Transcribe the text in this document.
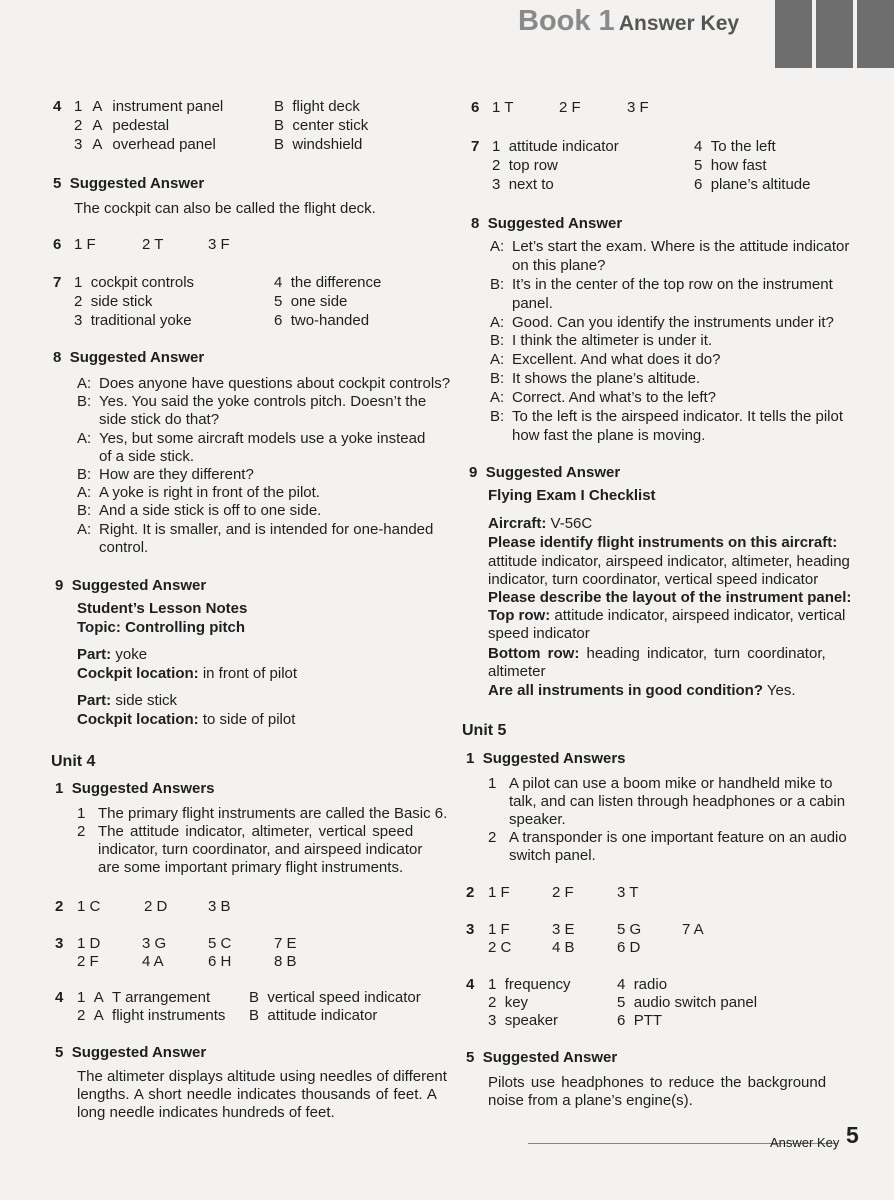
Book 1 Answer Key
4 1 A instrument panel	B flight deck
2 A pedestal	B center stick
3 A overhead panel	B windshield
5 Suggested Answer
The cockpit can also be called the flight deck.
6 1 F	2 T	3 F
7 1 cockpit controls	4 the difference
2 side stick	5 one side
3 traditional yoke	6 two-handed
8 Suggested Answer
A: Does anyone have questions about cockpit controls?
B: Yes. You said the yoke controls pitch. Doesn’t the
side stick do that?
A: Yes, but some aircraft models use a yoke instead
of a side stick.
B: How are they different?
A: A yoke is right in front of the pilot.
B: And a side stick is off to one side.
A: Right. It is smaller, and is intended for one-handed
control.
9 Suggested Answer
Student’s Lesson Notes
Topic: Controlling pitch
Part: yoke
Cockpit location: in front of pilot
Part: side stick
Cockpit location: to side of pilot
Unit 4
1 Suggested Answers
1 The primary flight instruments are called the Basic 6.
2 The attitude indicator, altimeter, vertical speed
indicator, turn coordinator, and airspeed indicator
are some important primary flight instruments.
2 1 C	2 D	3 B
3 1 D	3 G	5 C	7 E
2 F	4 A	6 H	8 B
4 1 A T arrangement	B vertical speed indicator
2 A flight instruments B attitude indicator
5 Suggested Answer
The altimeter displays altitude using needles of different
lengths. A short needle indicates thousands of feet. A
long needle indicates hundreds of feet.
6 1 T	2 F	3 F
7 1 attitude indicator	4 To the left
2 top row	5 how fast
3 next to	6 plane’s altitude
8 Suggested Answer
A: Let’s start the exam. Where is the attitude indicator
on this plane?
B: It’s in the center of the top row on the instrument
panel.
A: Good. Can you identify the instruments under it?
B: I think the altimeter is under it.
A: Excellent. And what does it do?
B: It shows the plane’s altitude.
A: Correct. And what’s to the left?
B: To the left is the airspeed indicator. It tells the pilot
how fast the plane is moving.
9 Suggested Answer
Flying Exam I Checklist
Aircraft: V-56C
Please identify flight instruments on this aircraft:
attitude indicator, airspeed indicator, altimeter, heading
indicator, turn coordinator, vertical speed indicator
Please describe the layout of the instrument panel:
Top row: attitude indicator, airspeed indicator, vertical
speed indicator
Bottom row: heading indicator, turn coordinator,
altimeter
Are all instruments in good condition? Yes.
Unit 5
1 Suggested Answers
1 A pilot can use a boom mike or handheld mike to
talk, and can listen through headphones or a cabin
speaker.
2 A transponder is one important feature on an audio
switch panel.
2 1 F	2 F	3 T
3 1 F	3 E	5 G	7 A
2 C	4 B	6 D
4 1 frequency	4 radio
2 key	5 audio switch panel
3 speaker	6 PTT
5 Suggested Answer
Pilots use headphones to reduce the background
noise from a plane’s engine(s).
Answer Key 5
